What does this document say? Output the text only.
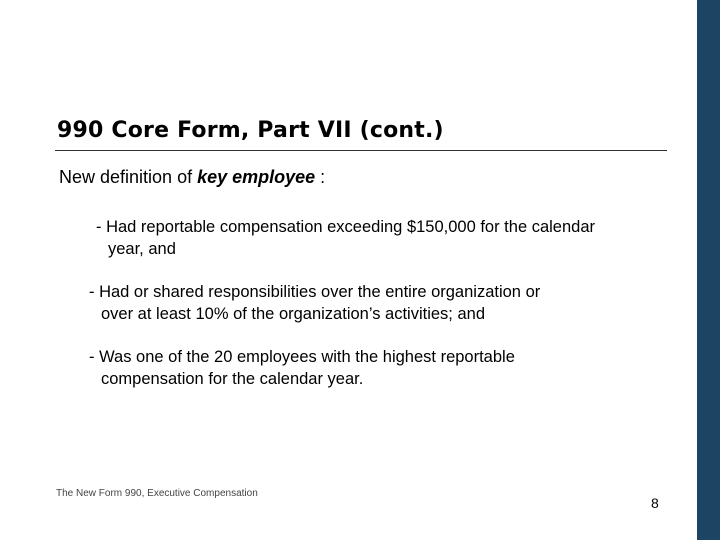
990 Core Form, Part VII (cont.)
New definition of key employee :
- Had reportable compensation exceeding $150,000 for the calendar
year, and
- Had or shared responsibilities over the entire organization or
over at least 10% of the organization’s activities; and
- Was one of the 20 employees with the highest reportable
compensation for the calendar year.
The New Form 990, Executive Compensation
8
